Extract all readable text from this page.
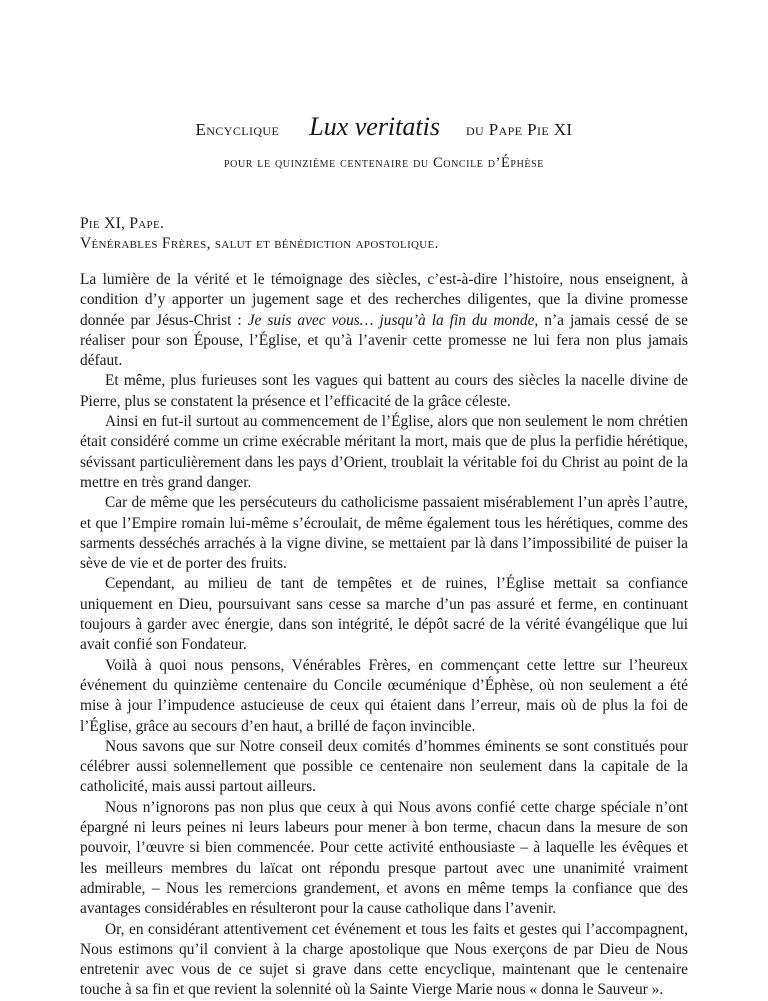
Encyclique Lux veritatis du Pape Pie XI
pour le quinzième centenaire du Concile d’Éphèse
Pie XI, Pape.
Vénérables Frères, salut et bénédiction apostolique.

La lumière de la vérité et le témoignage des siècles, c’est-à-dire l’histoire, nous enseignent, à condition d’y apporter un jugement sage et des recherches diligentes, que la divine promesse donnée par Jésus-Christ : Je suis avec vous… jusqu’à la fin du monde, n’a jamais cessé de se réaliser pour son Épouse, l’Église, et qu’à l’avenir cette promesse ne lui fera non plus jamais défaut.

Et même, plus furieuses sont les vagues qui battent au cours des siècles la nacelle divine de Pierre, plus se constatent la présence et l’efficacité de la grâce céleste.

Ainsi en fut-il surtout au commencement de l’Église, alors que non seulement le nom chrétien était considéré comme un crime exécrable méritant la mort, mais que de plus la perfidie hérétique, sévissant particulièrement dans les pays d’Orient, troublait la véritable foi du Christ au point de la mettre en très grand danger.

Car de même que les persécuteurs du catholicisme passaient misérablement l’un après l’autre, et que l’Empire romain lui-même s’écroulait, de même également tous les hérétiques, comme des sarments desséchés arrachés à la vigne divine, se mettaient par là dans l’impossibilité de puiser la sève de vie et de porter des fruits.

Cependant, au milieu de tant de tempêtes et de ruines, l’Église mettait sa confiance uniquement en Dieu, poursuivant sans cesse sa marche d’un pas assuré et ferme, en continuant toujours à garder avec énergie, dans son intégrité, le dépôt sacré de la vérité évangélique que lui avait confié son Fondateur.

Voilà à quoi nous pensons, Vénérables Frères, en commençant cette lettre sur l’heureux événement du quinzième centenaire du Concile œcuménique d’Éphèse, où non seulement a été mise à jour l’impudence astucieuse de ceux qui étaient dans l’erreur, mais où de plus la foi de l’Église, grâce au secours d’en haut, a brillé de façon invincible.

Nous savons que sur Notre conseil deux comités d’hommes éminents se sont constitués pour célébrer aussi solennellement que possible ce centenaire non seulement dans la capitale de la catholicité, mais aussi partout ailleurs.

Nous n’ignorons pas non plus que ceux à qui Nous avons confié cette charge spéciale n’ont épargné ni leurs peines ni leurs labeurs pour mener à bon terme, chacun dans la mesure de son pouvoir, l’œuvre si bien commencée. Pour cette activité enthousiaste – à laquelle les évêques et les meilleurs membres du laïcat ont répondu presque partout avec une unanimité vraiment admirable, – Nous les remercions grandement, et avons en même temps la confiance que des avantages considérables en résulteront pour la cause catholique dans l’avenir.

Or, en considérant attentivement cet événement et tous les faits et gestes qui l’accompagnent, Nous estimons qu’il convient à la charge apostolique que Nous exerçons de par Dieu de Nous entretenir avec vous de ce sujet si grave dans cette encyclique, maintenant que le centenaire touche à sa fin et que revient la solennité où la Sainte Vierge Marie nous « donna le Sauveur ».
